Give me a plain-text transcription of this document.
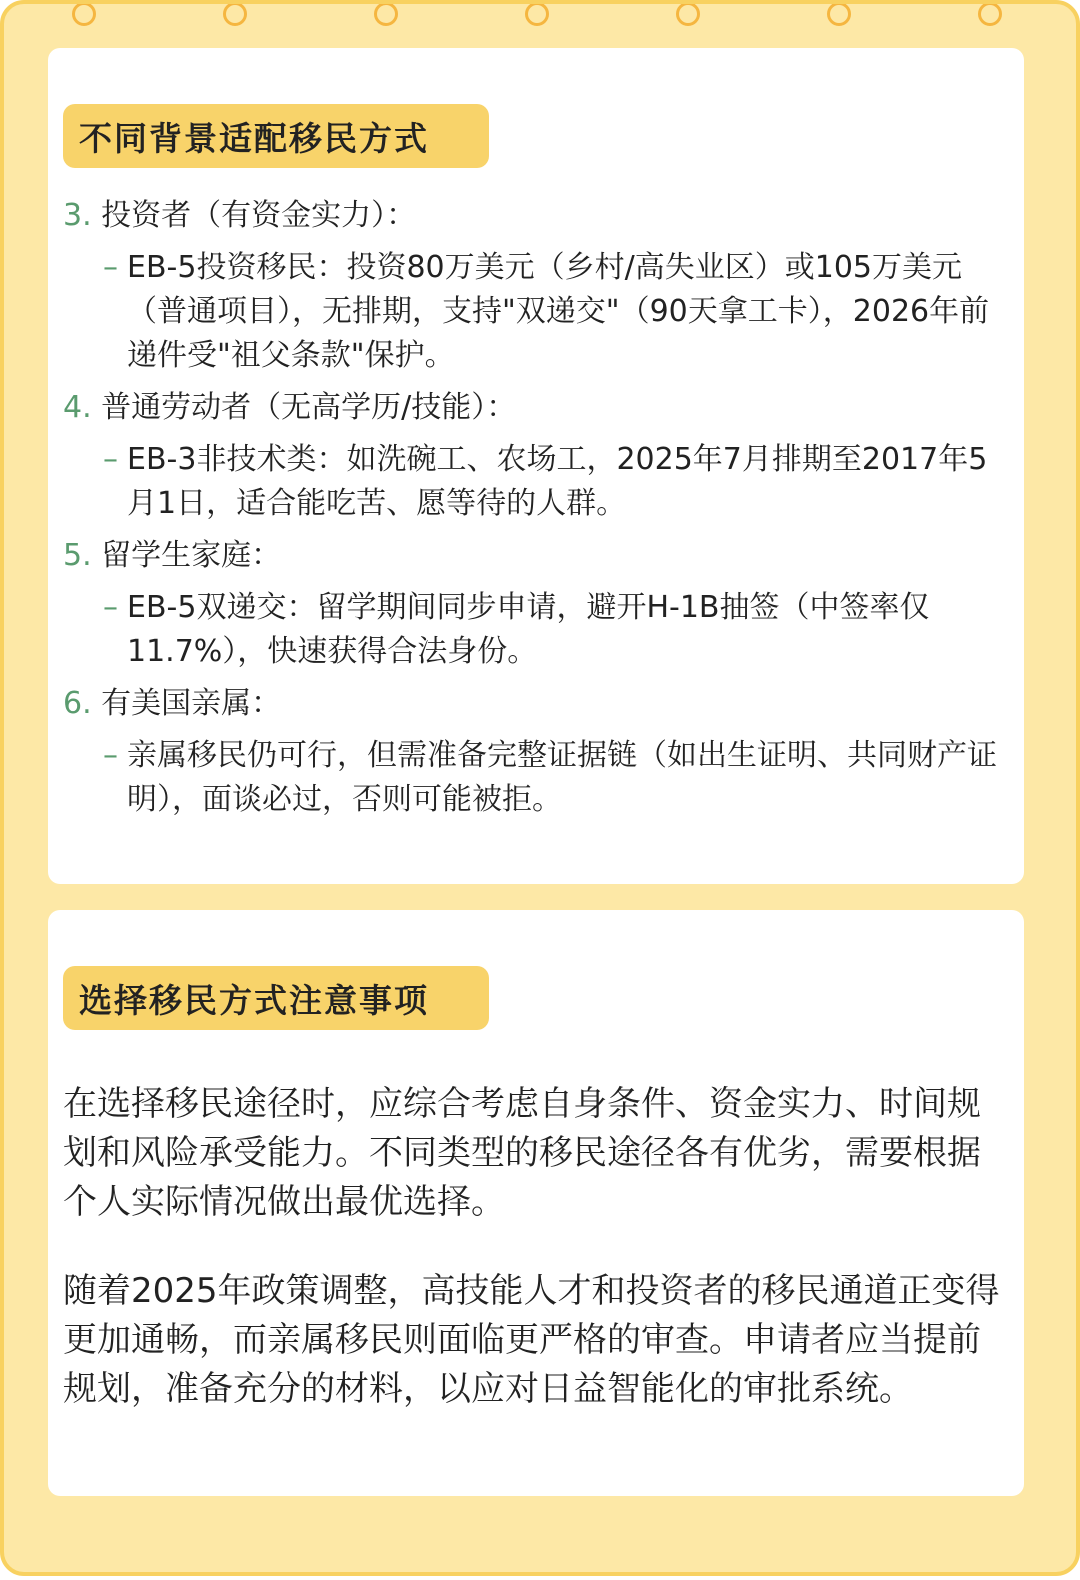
不同背景适配移民方式
3. 投资者（有资金实力）：
– EB-5投资移民：投资80万美元（乡村/高失业区）或105万美元（普通项目），无排期，支持"双递交"（90天拿工卡），2026年前递件受"祖父条款"保护。
4. 普通劳动者（无高学历/技能）：
– EB-3非技术类：如洗碗工、农场工，2025年7月排期至2017年5月1日，适合能吃苦、愿等待的人群。
5. 留学生家庭：
– EB-5双递交：留学期间同步申请，避开H-1B抽签（中签率仅11.7%），快速获得合法身份。
6. 有美国亲属：
– 亲属移民仍可行，但需准备完整证据链（如出生证明、共同财产证明），面谈必过，否则可能被拒。
选择移民方式注意事项
在选择移民途径时，应综合考虑自身条件、资金实力、时间规划和风险承受能力。不同类型的移民途径各有优劣，需要根据个人实际情况做出最优选择。
随着2025年政策调整，高技能人才和投资者的移民通道正变得更加通畅，而亲属移民则面临更严格的审查。申请者应当提前规划，准备充分的材料，以应对日益智能化的审批系统。
